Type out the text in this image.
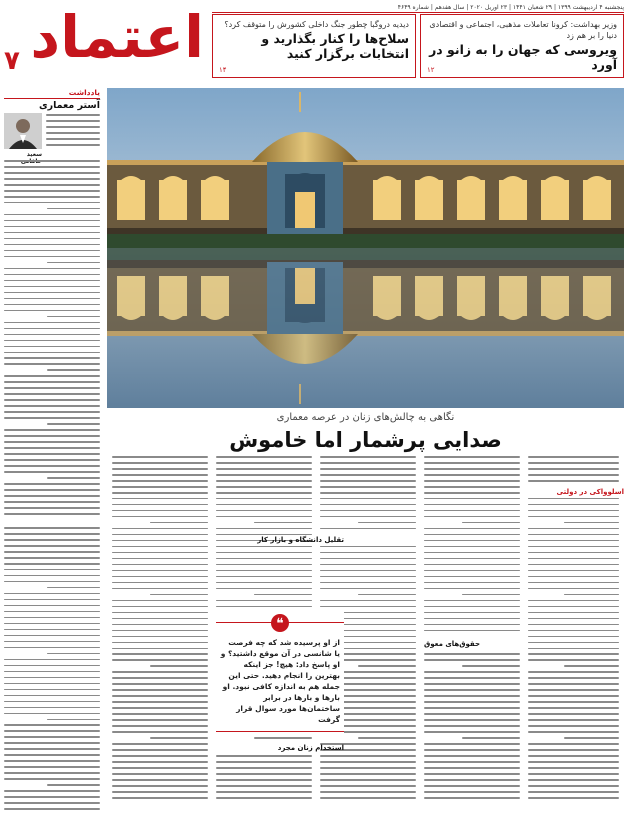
پنجشنبه ۴ اردیبهشت ۱۳۹۹ | ۲۹ شعبان ۱۴۴۱ | ۲۳ آوریل ۲۰۲۰ | سال هفدهم | شماره ۴۶۴۹
وزیر بهداشت: کرونا تعاملات مذهبی، اجتماعی و اقتصادی دنیا را بر هم زد
ویروسی که جهان را به زانو در آورد
۱۲
دیدیه دروگبا چطور جنگ داخلی کشورش را متوقف کرد؟
سلاح‌ها را کنار بگذارید و انتخابات برگزار کنید
۱۴
اعتماد
۷
یادداشت
آستر معماری
سعید
نگاهی به چالش‌های زنان در عرصه معماری
صدایی پرشمار اما خاموش
تقلیل دانشگاه و بازار کار
حقوق‌های معوق
استخدام زنان مجرد
اسلوواکی در دولتی
از او پرسیده شد که چه فرصت یا شانسی در آن موقع داشتید؟ و او پاسخ داد: هیچ! جز اینکه بهترین را انجام دهید. حتی این جمله هم به اندازه کافی نبود. او بارها و بارها در برابر ساختمان‌ها مورد سوال قرار گرفت
❝
